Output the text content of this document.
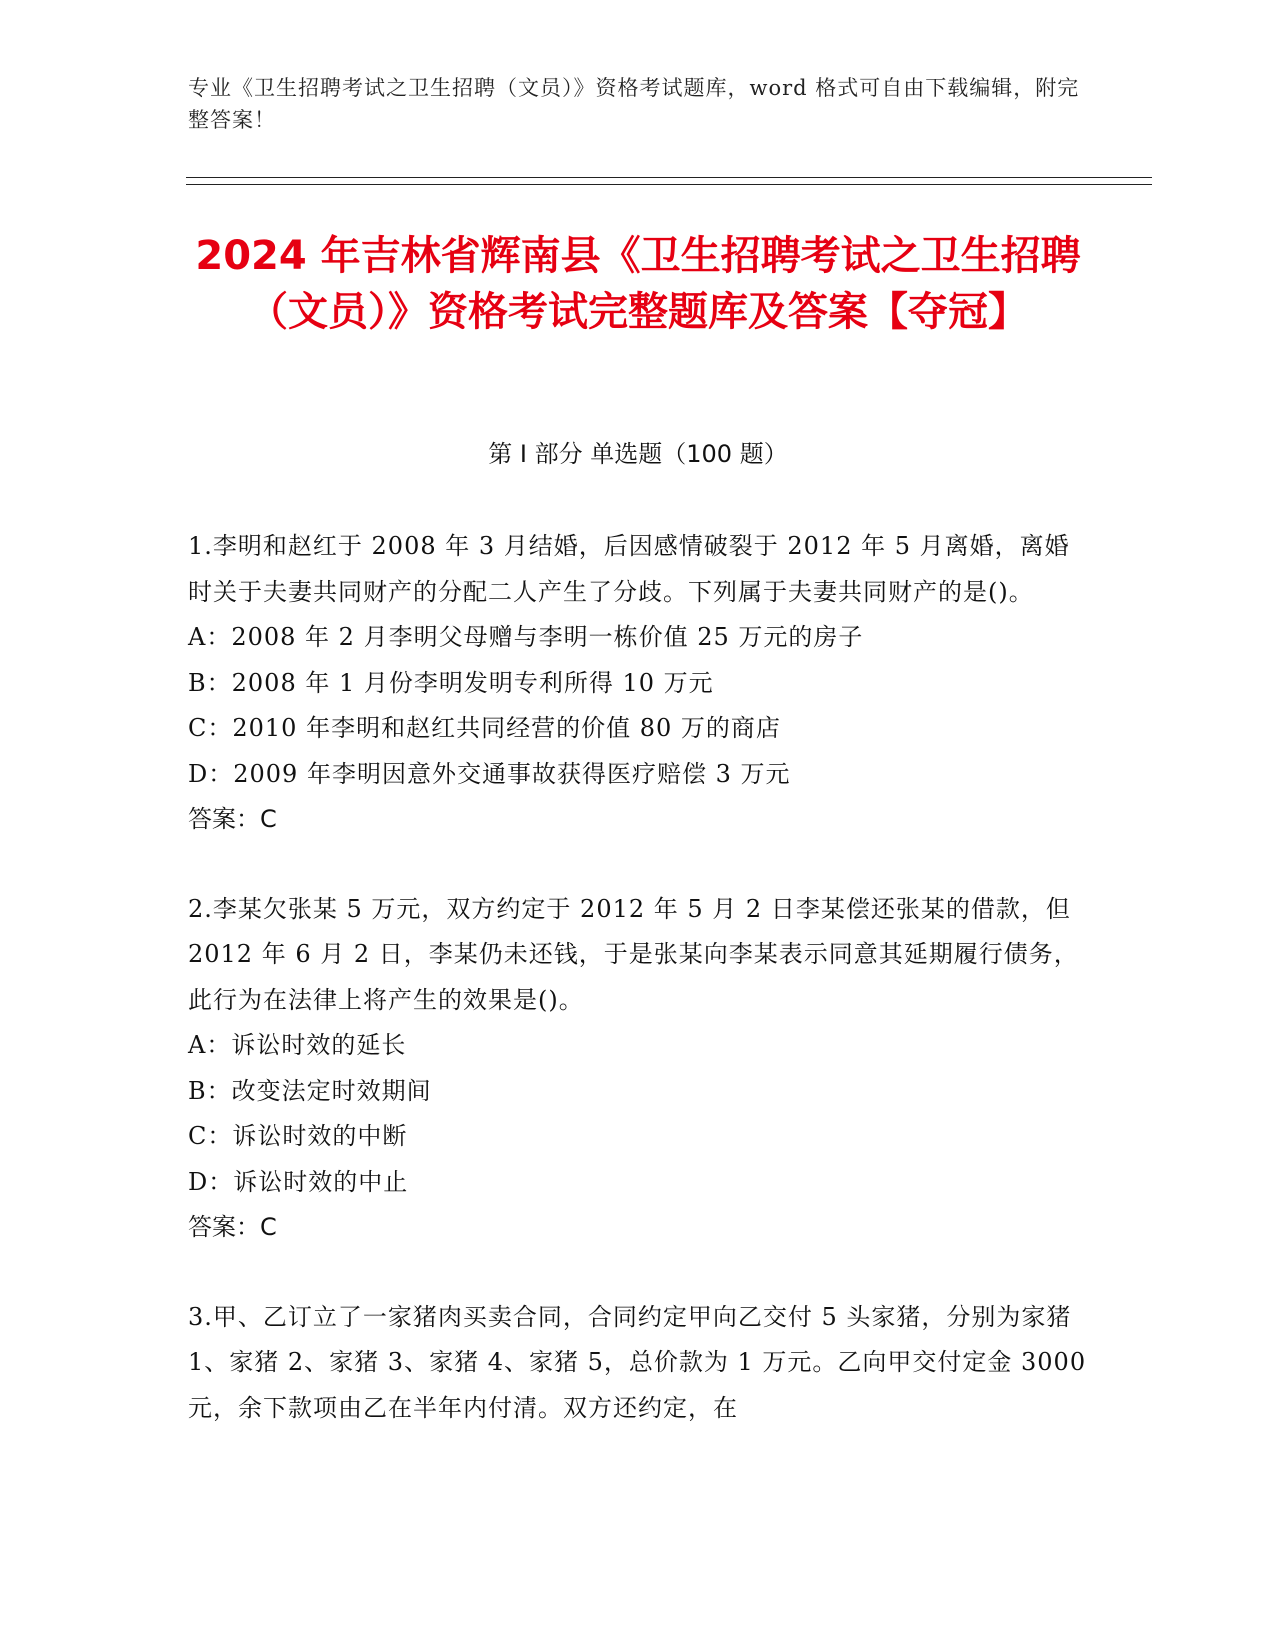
专业《卫生招聘考试之卫生招聘（文员）》资格考试题库，word 格式可自由下载编辑，附完整答案！
2024 年吉林省辉南县《卫生招聘考试之卫生招聘（文员）》资格考试完整题库及答案【夺冠】
第 I 部分 单选题（100 题）
1.李明和赵红于 2008 年 3 月结婚，后因感情破裂于 2012 年 5 月离婚，离婚时关于夫妻共同财产的分配二人产生了分歧。下列属于夫妻共同财产的是()。
A：2008 年 2 月李明父母赠与李明一栋价值 25 万元的房子
B：2008 年 1 月份李明发明专利所得 10 万元
C：2010 年李明和赵红共同经营的价值 80 万的商店
D：2009 年李明因意外交通事故获得医疗赔偿 3 万元
答案：C
2.李某欠张某 5 万元，双方约定于 2012 年 5 月 2 日李某偿还张某的借款，但 2012 年 6 月 2 日，李某仍未还钱，于是张某向李某表示同意其延期履行债务，此行为在法律上将产生的效果是()。
A：诉讼时效的延长
B：改变法定时效期间
C：诉讼时效的中断
D：诉讼时效的中止
答案：C
3.甲、乙订立了一家猪肉买卖合同，合同约定甲向乙交付 5 头家猪，分别为家猪 1、家猪 2、家猪 3、家猪 4、家猪 5，总价款为 1 万元。乙向甲交付定金 3000 元，余下款项由乙在半年内付清。双方还约定，在
